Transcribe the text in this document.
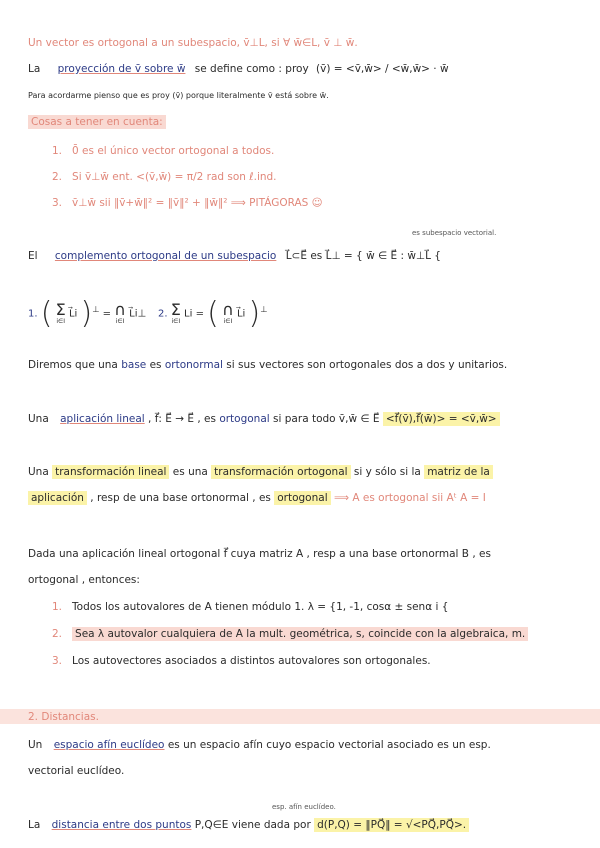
Un vector es ortogonal a un subespacio, v̄⊥L, si ∀ w̄∈L, v̄ ⊥ w̄.
La proyección de v̄ sobre w̄ se define como : proy (v̄) = <v̄,w̄> / <w̄,w̄> · w̄
Para acordarme pienso que es proy (v̄) porque literalmente v̄ está sobre w̄.
Cosas a tener en cuenta:
1. 0̄ es el único vector ortogonal a todos.
2. Si v̄⊥w̄ ent. <(v̄,w̄) = π/2 rad son ℓ.ind.
3. v̄⊥w̄ sii ‖v̄+w̄‖² = ‖v̄‖² + ‖w̄‖² ⟹ PITÁGORAS ☺
es subespacio vectorial.
El complemento ortogonal de un subespacio L⃗⊂E⃗ es L⃗⊥ = { w̄ ∈ E⃗ : w̄⊥L⃗ {
1. ( Σ
i∈I
L⃗i )⊥ = ∩
i∈I
L⃗i⊥ 2. Σ
i∈I
Li = ( ∩
i∈I
L⃗i )⊥
Diremos que una base es ortonormal si sus vectores son ortogonales dos a dos y unitarios.
Una aplicación lineal , f⃗: E⃗ → E⃗ , es ortogonal si para todo v̄,w̄ ∈ E⃗ <f⃗(v̄),f⃗(w̄)> = <v̄,w̄>
Una transformación lineal es una transformación ortogonal si y sólo si la matriz de la
aplicación , resp de una base ortonormal , es ortogonal ⟹ A es ortogonal sii Aᵗ A = I
Dada una aplicación lineal ortogonal f⃗ cuya matriz A , resp a una base ortonormal B , es
ortogonal , entonces:
1. Todos los autovalores de A tienen módulo 1. λ = {1, -1, cosα ± senα i {
2. Sea λ autovalor cualquiera de A la mult. geométrica, s, coincide con la algebraica, m.
3. Los autovectores asociados a distintos autovalores son ortogonales.
2. Distancias.
Un espacio afín euclídeo es un espacio afín cuyo espacio vectorial asociado es un esp.
vectorial euclídeo.
esp. afín euclídeo.
La distancia entre dos puntos P,Q∈E viene dada por d(P,Q) = ‖PQ⃗‖ = √<PQ⃗,PQ⃗>.
